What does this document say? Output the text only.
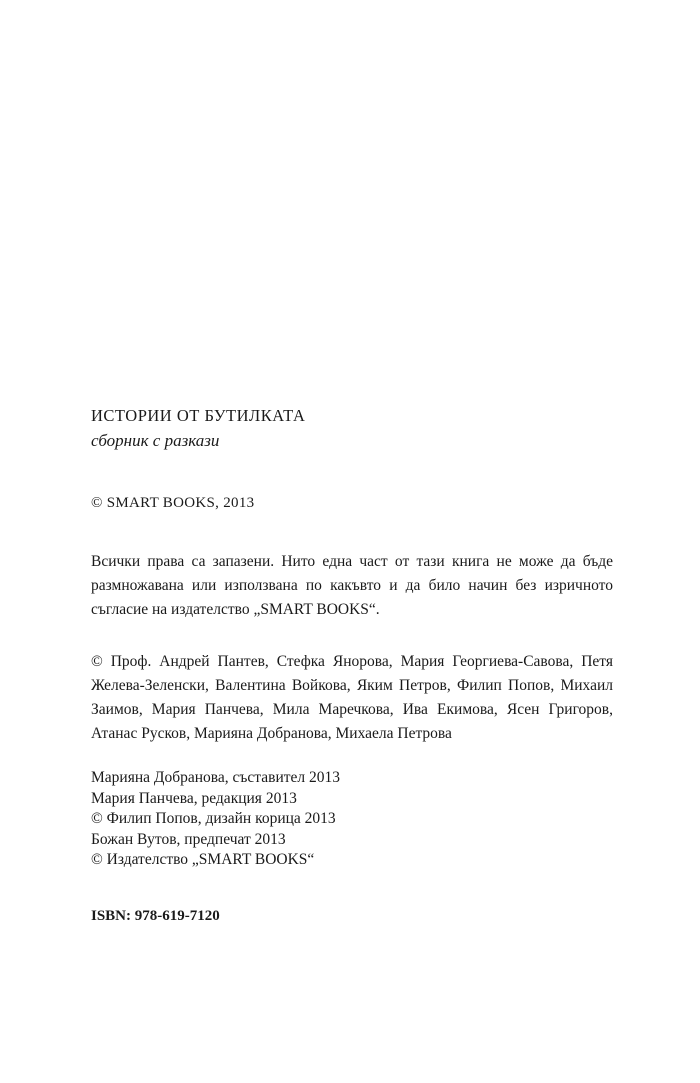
ИСТОРИИ ОТ БУТИЛКАТА
сборник с разкази
© SMART BOOKS, 2013
Всички права са запазени. Нито една част от тази книга не може да бъде размножавана или използвана по какъвто и да било начин без изричното съгласие на издателство „SMART BOOKS“.
© Проф. Андрей Пантев, Стефка Янорова, Мария Георгиева-Савова, Петя Желева-Зеленски, Валентина Войкова, Яким Петров, Филип Попов, Михаил Заимов, Мария Панчева, Мила Маречкова, Ива Екимова, Ясен Григоров, Атанас Русков, Марияна Добранова, Михаела Петрова
Марияна Добранова, съставител 2013
Мария Панчева, редакция 2013
© Филип Попов, дизайн корица 2013
Божан Вутов, предпечат 2013
© Издателство „SMART BOOKS“
ISBN: 978-619-7120
